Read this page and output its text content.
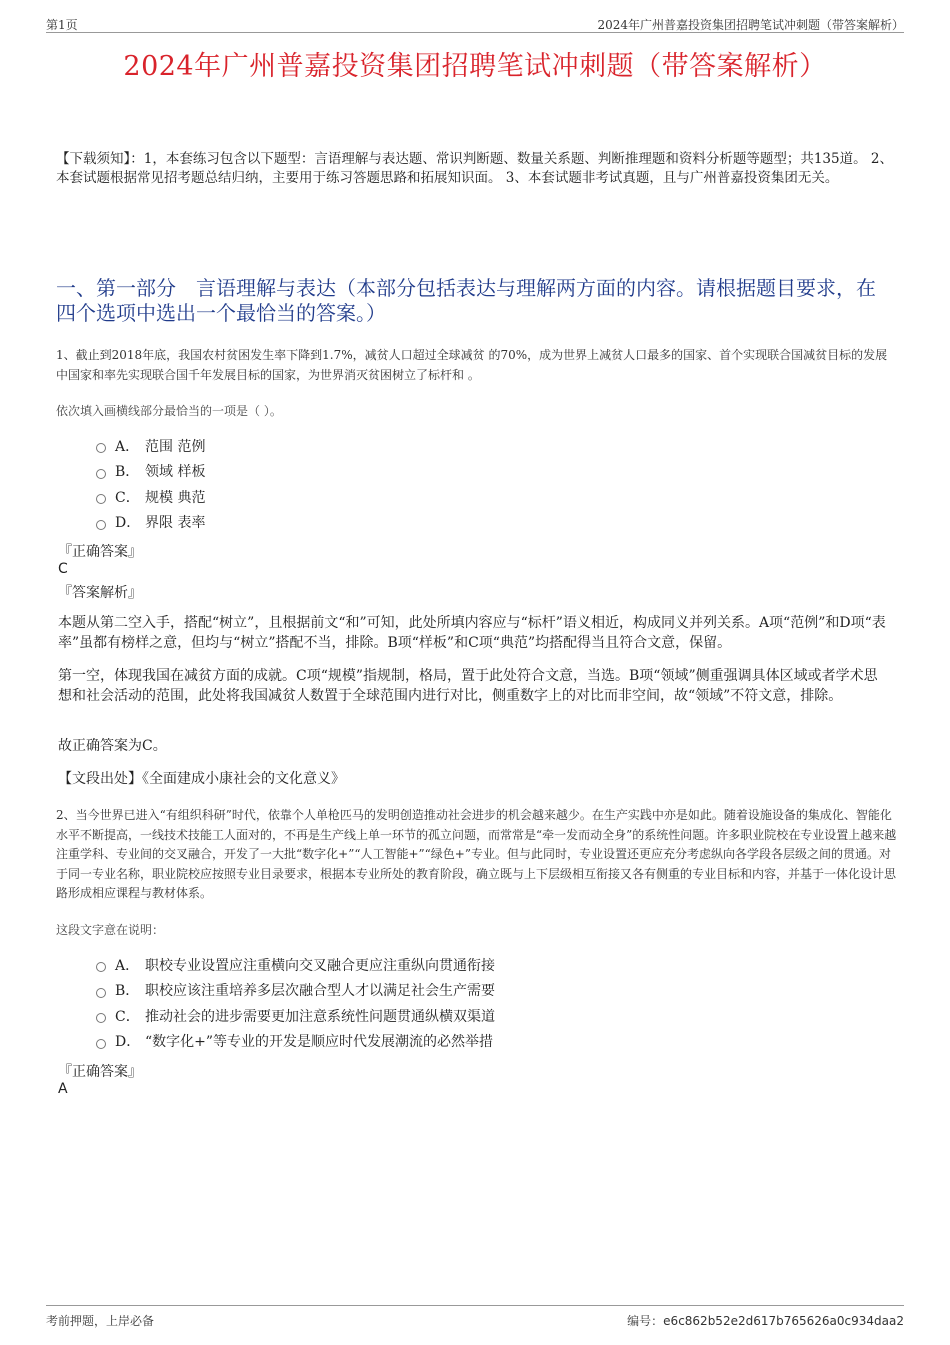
第1页	2024年广州普嘉投资集团招聘笔试冲刺题（带答案解析）
2024年广州普嘉投资集团招聘笔试冲刺题（带答案解析）
【下载须知】：1，本套练习包含以下题型：言语理解与表达题、常识判断题、数量关系题、判断推理题和资料分析题等题型；共135道。 2、本套试题根据常见招考题总结归纳，主要用于练习答题思路和拓展知识面。 3、本套试题非考试真题，且与广州普嘉投资集团无关。
一、第一部分　言语理解与表达（本部分包括表达与理解两方面的内容。请根据题目要求，在四个选项中选出一个最恰当的答案。）
1、截止到2018年底，我国农村贫困发生率下降到1.7%，减贫人口超过全球减贫 的70%，成为世界上减贫人口最多的国家、首个实现联合国减贫目标的发展中国家和率先实现联合国千年发展目标的国家，为世界消灭贫困树立了标杆和 。
依次填入画横线部分最恰当的一项是（ ）。
A． 范围 范例
B． 领域 样板
C． 规模 典范
D． 界限 表率
『正确答案』
C
『答案解析』
本题从第二空入手，搭配“树立”，且根据前文“和”可知，此处所填内容应与“标杆”语义相近，构成同义并列关系。A项“范例”和D项“表率”虽都有榜样之意，但均与“树立”搭配不当，排除。B项“样板”和C项“典范”均搭配得当且符合文意，保留。
第一空，体现我国在减贫方面的成就。C项“规模”指规制，格局，置于此处符合文意，当选。B项“领域”侧重强调具体区域或者学术思想和社会活动的范围，此处将我国减贫人数置于全球范围内进行对比，侧重数字上的对比而非空间，故“领域”不符文意，排除。
故正确答案为C。
【文段出处】《全面建成小康社会的文化意义》
2、当今世界已进入“有组织科研”时代，依靠个人单枪匹马的发明创造推动社会进步的机会越来越少。在生产实践中亦是如此。随着设施设备的集成化、智能化水平不断提高，一线技术技能工人面对的，不再是生产线上单一环节的孤立问题，而常常是“牵一发而动全身”的系统性问题。许多职业院校在专业设置上越来越注重学科、专业间的交叉融合，开发了一大批“数字化+”“人工智能+”“绿色+”专业。但与此同时，专业设置还更应充分考虑纵向各学段各层级之间的贯通。对于同一专业名称，职业院校应按照专业目录要求，根据本专业所处的教育阶段，确立既与上下层级相互衔接又各有侧重的专业目标和内容，并基于一体化设计思路形成相应课程与教材体系。
这段文字意在说明：
A． 职校专业设置应注重横向交叉融合更应注重纵向贯通衔接
B． 职校应该注重培养多层次融合型人才以满足社会生产需要
C． 推动社会的进步需要更加注意系统性问题贯通纵横双渠道
D． “数字化+”等专业的开发是顺应时代发展潮流的必然举措
『正确答案』
A
考前押题，上岸必备	编号：e6c862b52e2d617b765626a0c934daa2
